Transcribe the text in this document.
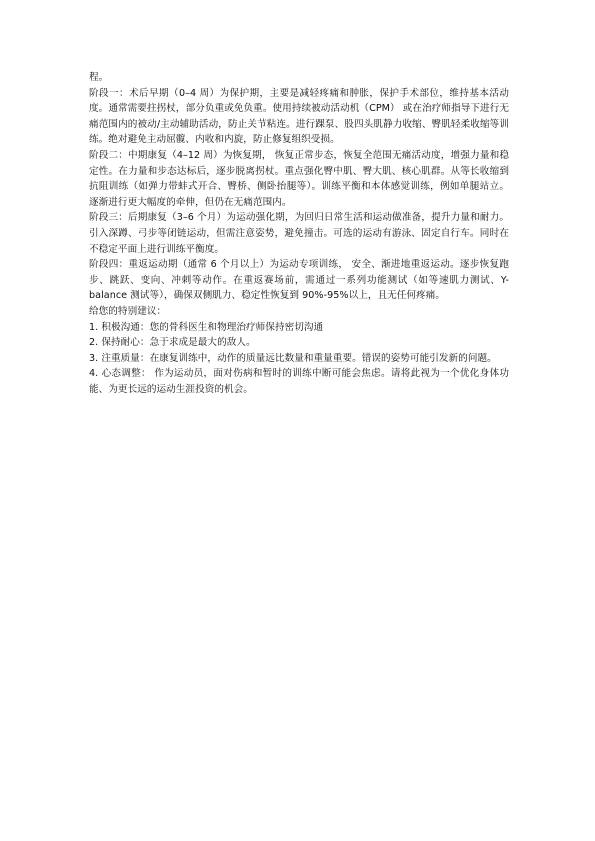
程。

阶段一：术后早期（0–4 周）为保护期，主要是减轻疼痛和肿胀，保护手术部位，维持基本活动度。通常需要拄拐杖，部分负重或免负重。使用持续被动活动机（CPM） 或在治疗师指导下进行无痛范围内的被动/主动辅助活动，防止关节粘连。进行踝泵、股四头肌静力收缩、臀肌轻柔收缩等训练。绝对避免主动屈髋、内收和内旋，防止修复组织受损。

阶段二：中期康复（4–12 周）为恢复期， 恢复正常步态，恢复全范围无痛活动度，增强力量和稳定性。在力量和步态达标后，逐步脱离拐杖。重点强化臀中肌、臀大肌、核心肌群。从等长收缩到抗阻训练（如弹力带蚌式开合、臀桥、侧卧抬腿等）。训练平衡和本体感觉训练，例如单腿站立。 逐渐进行更大幅度的牵伸，但仍在无痛范围内。

阶段三：后期康复（3–6 个月）为运动强化期，为回归日常生活和运动做准备，提升力量和耐力。引入深蹲、弓步等闭链运动，但需注意姿势，避免撞击。可选的运动有游泳、固定自行车。同时在不稳定平面上进行训练平衡度。

阶段四：重返运动期（通常 6 个月以上）为运动专项训练， 安全、渐进地重返运动。逐步恢复跑步、跳跃、变向、冲刺等动作。在重返赛场前，需通过一系列功能测试（如等速肌力测试、Y-balance 测试等），确保双侧肌力、稳定性恢复到 90%-95%以上，且无任何疼痛。

给您的特别建议：

1. 积极沟通：您的骨科医生和物理治疗师保持密切沟通
2. 保持耐心：急于求成是最大的敌人。
3. 注重质量：在康复训练中，动作的质量远比数量和重量重要。错误的姿势可能引发新的问题。
4. 心态调整： 作为运动员，面对伤病和暂时的训练中断可能会焦虑。请将此视为一个优化身体功能、为更长远的运动生涯投资的机会。
